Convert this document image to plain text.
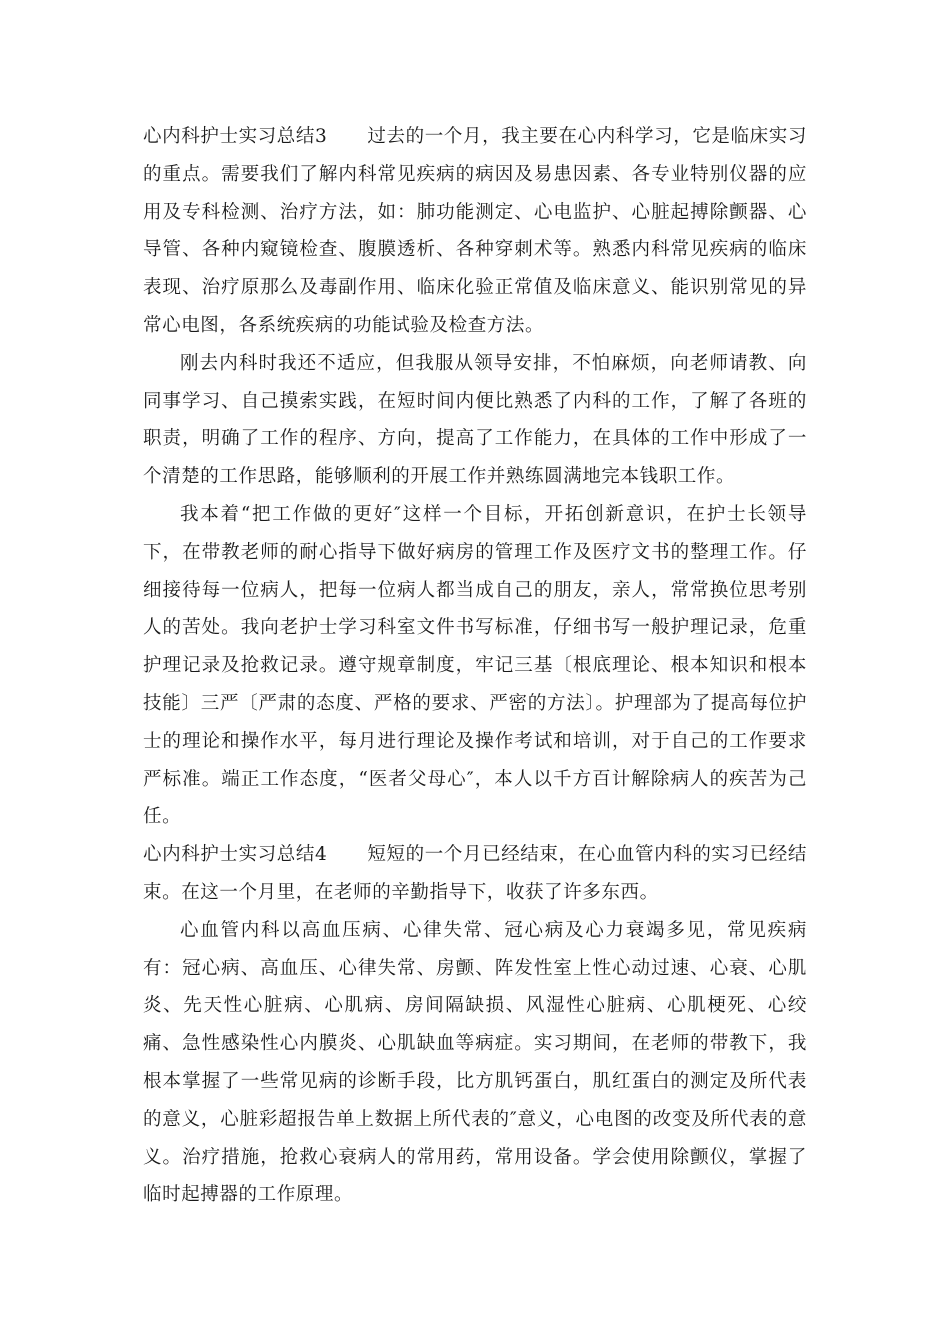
心内科护士实习总结3 过去的一个月，我主要在心内科学习，它是临床实习的重点。需要我们了解内科常见疾病的病因及易患因素、各专业特别仪器的应用及专科检测、治疗方法，如：肺功能测定、心电监护、心脏起搏除颤器、心导管、各种内窥镜检查、腹膜透析、各种穿刺术等。熟悉内科常见疾病的临床表现、治疗原那么及毒副作用、临床化验正常值及临床意义、能识别常见的异常心电图，各系统疾病的功能试验及检查方法。

刚去内科时我还不适应，但我服从领导安排，不怕麻烦，向老师请教、向同事学习、自己摸索实践，在短时间内便比熟悉了内科的工作，了解了各班的职责，明确了工作的程序、方向，提高了工作能力，在具体的工作中形成了一个清楚的工作思路，能够顺利的开展工作并熟练圆满地完本钱职工作。

我本着“把工作做的更好″这样一个目标，开拓创新意识，在护士长领导下，在带教老师的耐心指导下做好病房的管理工作及医疗文书的整理工作。仔细接待每一位病人，把每一位病人都当成自己的朋友，亲人，常常换位思考别人的苦处。我向老护士学习科室文件书写标准，仔细书写一般护理记录，危重护理记录及抢救记录。遵守规章制度，牢记三基〔根底理论、根本知识和根本技能〕三严〔严肃的态度、严格的要求、严密的方法〕。护理部为了提高每位护士的理论和操作水平，每月进行理论及操作考试和培训，对于自己的工作要求严标准。端正工作态度，“医者父母心″，本人以千方百计解除病人的疾苦为己任。

心内科护士实习总结4 短短的一个月已经结束，在心血管内科的实习已经结束。在这一个月里，在老师的辛勤指导下，收获了许多东西。

心血管内科以高血压病、心律失常、冠心病及心力衰竭多见，常见疾病有：冠心病、高血压、心律失常、房颤、阵发性室上性心动过速、心衰、心肌炎、先天性心脏病、心肌病、房间隔缺损、风湿性心脏病、心肌梗死、心绞痛、急性感染性心内膜炎、心肌缺血等病症。实习期间，在老师的带教下，我根本掌握了一些常见病的诊断手段，比方肌钙蛋白，肌红蛋白的测定及所代表的意义，心脏彩超报告单上数据上所代表的″意义，心电图的改变及所代表的意义。治疗措施，抢救心衰病人的常用药，常用设备。学会使用除颤仪，掌握了临时起搏器的工作原理。
